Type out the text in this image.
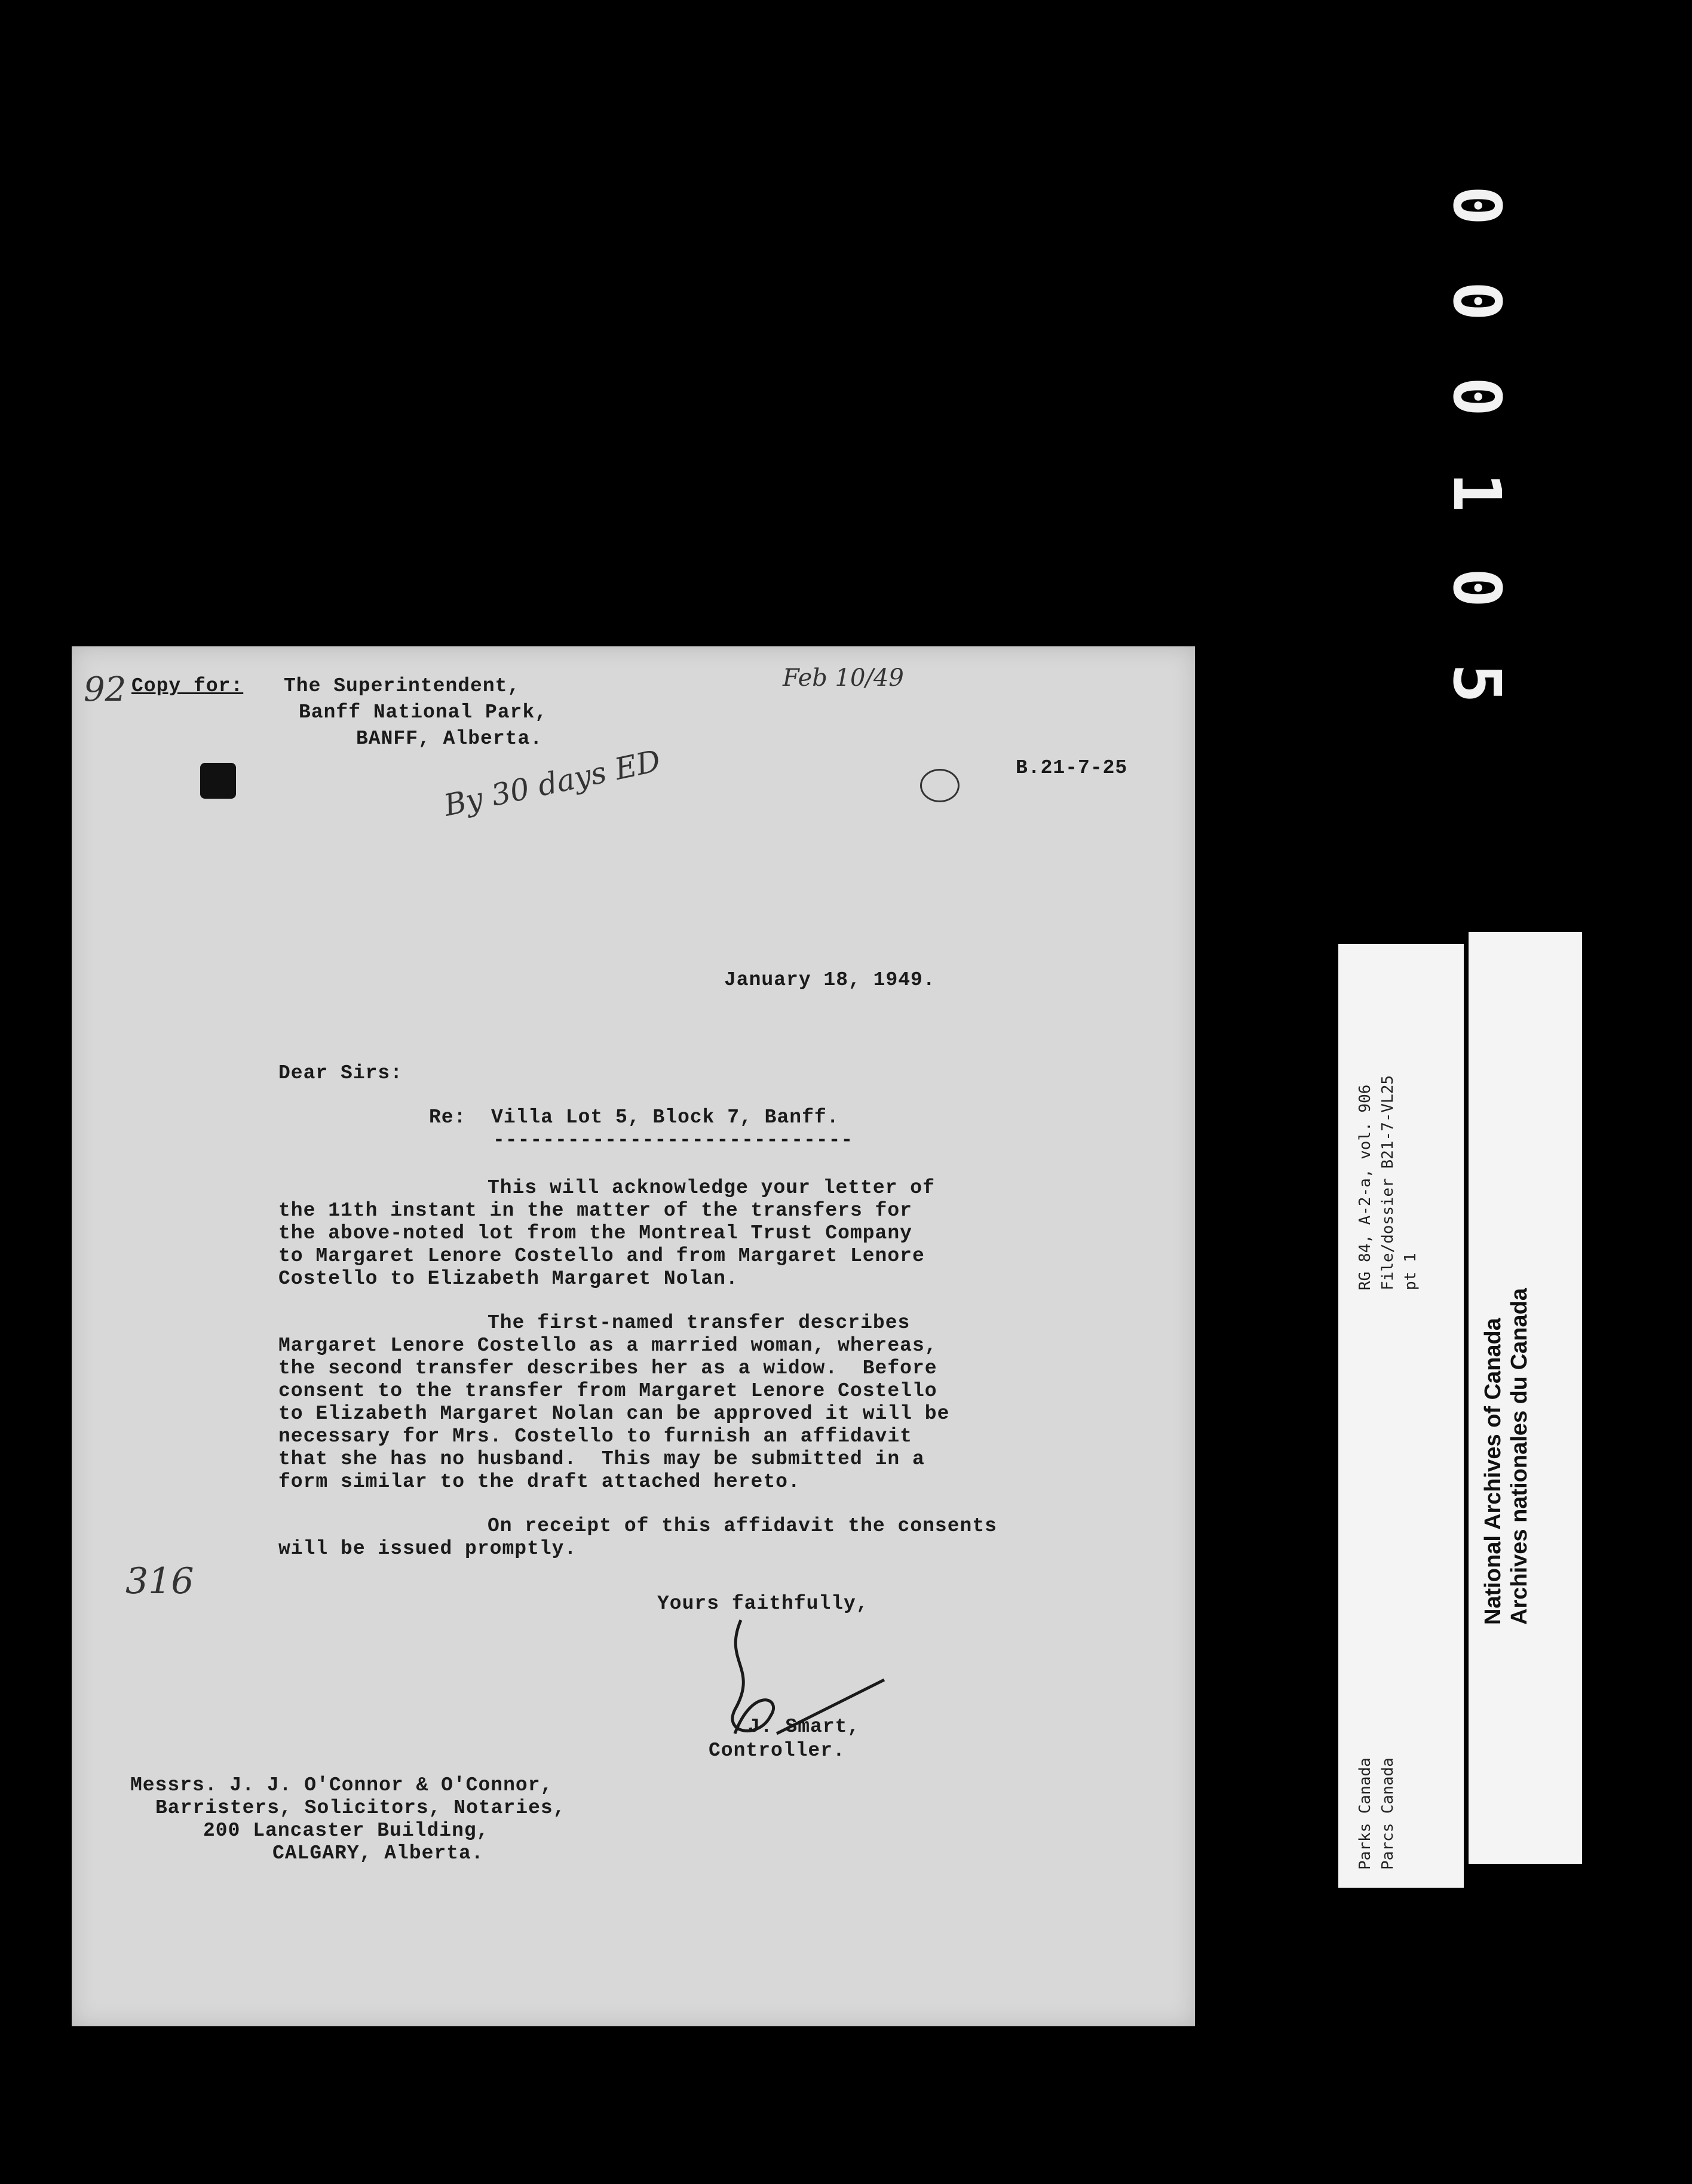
0
0
0
1
0
5
92 Copy for: The Superintendent,
Banff National Park,
BANFF, Alberta.
Feb 10/49
By 30 days ED	B.21-7-25
January 18, 1949.
Dear Sirs:
Re:  Villa Lot 5, Block 7, Banff.
-----------------------------
This will acknowledge your letter of
the 11th instant in the matter of the transfers for
the above-noted lot from the Montreal Trust Company
to Margaret Lenore Costello and from Margaret Lenore
Costello to Elizabeth Margaret Nolan.
The first-named transfer describes
Margaret Lenore Costello as a married woman, whereas,
the second transfer describes her as a widow.  Before
consent to the transfer from Margaret Lenore Costello
to Elizabeth Margaret Nolan can be approved it will be
necessary for Mrs. Costello to furnish an affidavit
that she has no husband.  This may be submitted in a
form similar to the draft attached hereto.
On receipt of this affidavit the consents
will be issued promptly.
316
Yours faithfully,
J. Smart,
Controller.
Messrs. J. J. O'Connor & O'Connor,
Barristers, Solicitors, Notaries,
200 Lancaster Building,
CALGARY, Alberta.
RG 84, A-2-a, vol. 906 File/dossier B21-7-VL25 pt 1
Parks Canada Parcs Canada
National Archives of Canada Archives nationales du Canada
